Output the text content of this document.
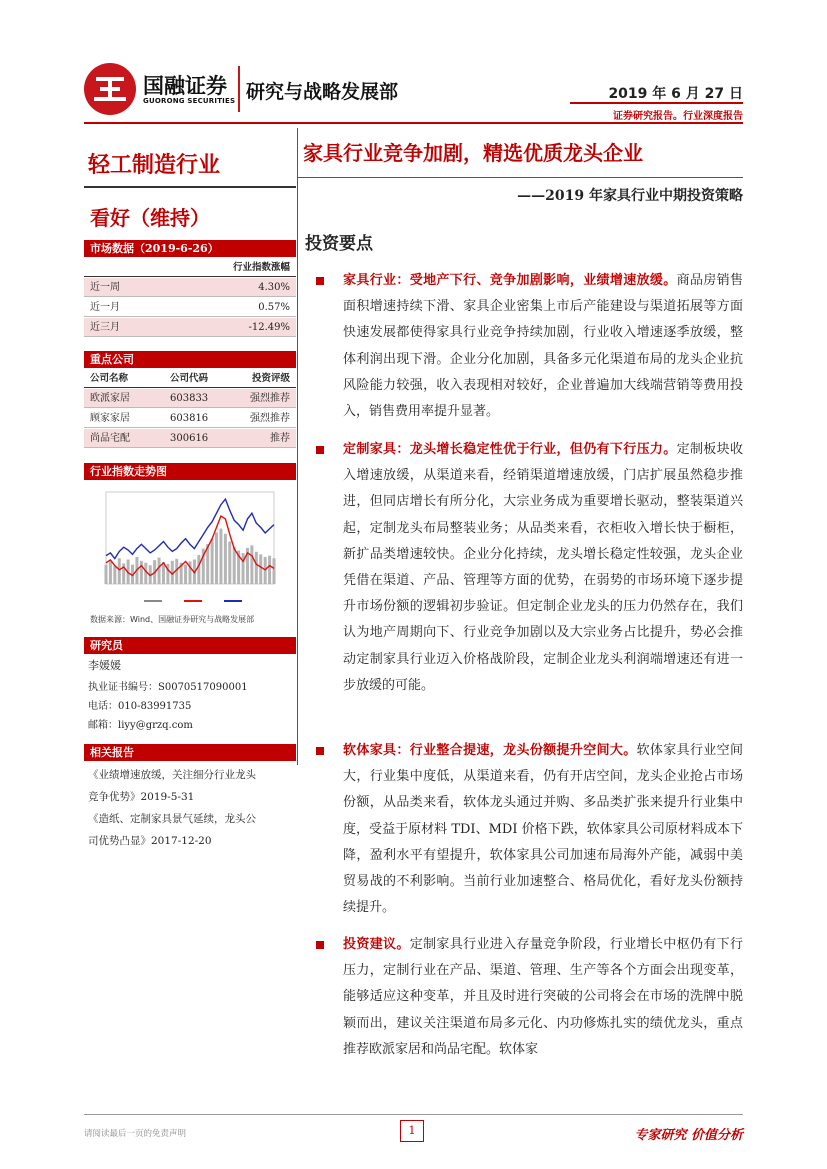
国融证券
GUORONG SECURITIES 研究与战略发展部	2019 年 6 月 27 日
证券研究报告。行业深度报告
轻工制造行业
看好（维持）
市场数据（2019-6-26）
行业指数涨幅
近一周	4.30%
近一月	0.57%
近三月	-12.49%
重点公司
公司名称	公司代码	投资评级
欧派家居	603833	强烈推荐
顾家家居	603816	强烈推荐
尚品宅配	300616	推荐
行业指数走势图
数据来源：Wind、国融证券研究与战略发展部
研究员
李媛媛
执业证书编号：S0070517090001
电话：010-83991735
邮箱：liyy@grzq.com
相关报告
《业绩增速放缓，关注细分行业龙头
竞争优势》2019-5-31
《造纸、定制家具景气延续，龙头公
司优势凸显》2017-12-20
家具行业竞争加剧，精选优质龙头企业
——2019 年家具行业中期投资策略
投资要点
家具行业：受地产下行、竞争加剧影响，业绩增速放缓。商品房销售面积增速持续下滑、家具企业密集上市后产能建设与渠道拓展等方面快速发展都使得家具行业竞争持续加剧，行业收入增速逐季放缓，整体利润出现下滑。企业分化加剧，具备多元化渠道布局的龙头企业抗风险能力较强，收入表现相对较好，企业普遍加大线端营销等费用投入，销售费用率提升显著。
定制家具：龙头增长稳定性优于行业，但仍有下行压力。定制板块收入增速放缓，从渠道来看，经销渠道增速放缓，门店扩展虽然稳步推进，但同店增长有所分化，大宗业务成为重要增长驱动，整装渠道兴起，定制龙头布局整装业务；从品类来看，衣柜收入增长快于橱柜，新扩品类增速较快。企业分化持续，龙头增长稳定性较强，龙头企业凭借在渠道、产品、管理等方面的优势，在弱势的市场环境下逐步提升市场份额的逻辑初步验证。但定制企业龙头的压力仍然存在，我们认为地产周期向下、行业竞争加剧以及大宗业务占比提升，势必会推动定制家具行业迈入价格战阶段，定制企业龙头利润端增速还有进一步放缓的可能。
软体家具：行业整合提速，龙头份额提升空间大。软体家具行业空间大，行业集中度低，从渠道来看，仍有开店空间，龙头企业抢占市场份额，从品类来看，软体龙头通过并购、多品类扩张来提升行业集中度，受益于原材料 TDI、MDI 价格下跌，软体家具公司原材料成本下降，盈利水平有望提升，软体家具公司加速布局海外产能，减弱中美贸易战的不利影响。当前行业加速整合、格局优化，看好龙头份额持续提升。
投资建议。定制家具行业进入存量竞争阶段，行业增长中枢仍有下行压力，定制行业在产品、渠道、管理、生产等各个方面会出现变革，能够适应这种变革，并且及时进行突破的公司将会在市场的洗牌中脱颖而出，建议关注渠道布局多元化、内功修炼扎实的绩优龙头，重点推荐欧派家居和尚品宅配。软体家
请阅读最后一页的免责声明	1	专家研究 价值分析
